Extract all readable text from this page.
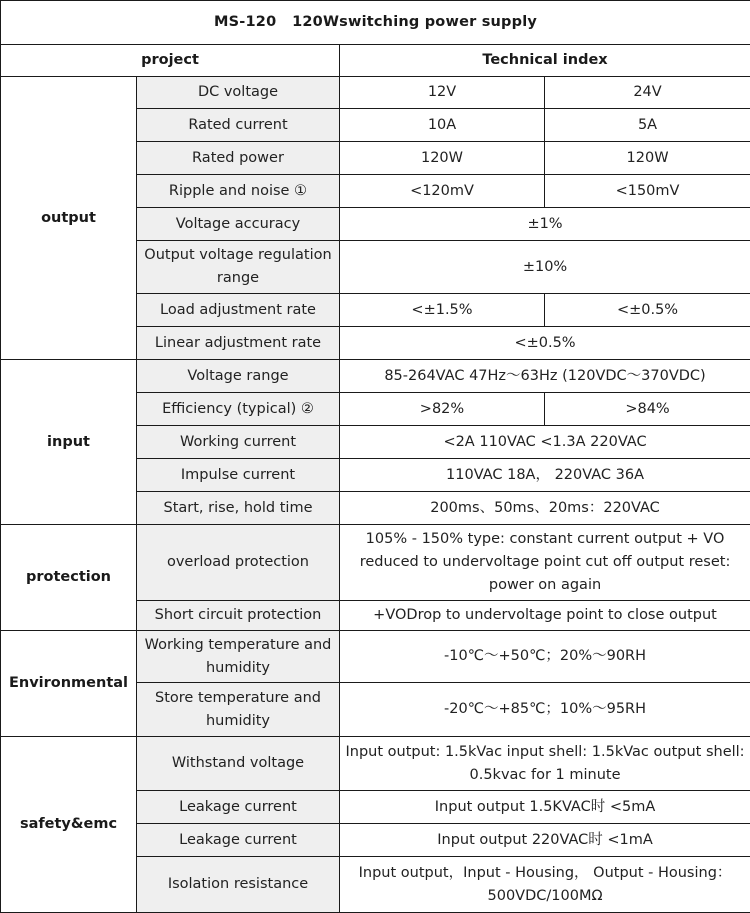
MS-120   120Wswitching power supply			
project		Technical index	
output	DC voltage	12V	24V
	Rated current	10A	5A
	Rated power	120W	120W
	Ripple and noise ①	<120mV	<150mV
	Voltage accuracy	±1%	
	Output voltage regulation range	±10%	
	Load adjustment rate	<±1.5%	<±0.5%
	Linear adjustment rate	<±0.5%	
input	Voltage range	85-264VAC 47Hz～63Hz (120VDC～370VDC)	
	Efficiency (typical) ②	>82%	>84%
	Working current	<2A 110VAC <1.3A 220VAC	
	Impulse current	110VAC 18A， 220VAC 36A	
	Start, rise, hold time	200ms、50ms、20ms：220VAC	
protection	overload protection	105% - 150% type: constant current output + VO reduced to undervoltage point cut off output reset: power on again	
	Short circuit protection	+VODrop to undervoltage point to close output	
Environmental	Working temperature and humidity	-10℃～+50℃；20%～90RH	
	Store temperature and humidity	-20℃～+85℃；10%～95RH	
safety&emc	Withstand voltage	Input output: 1.5kVac input shell: 1.5kVac output shell: 0.5kvac for 1 minute	
	Leakage current	Input output 1.5KVAC时 <5mA	
	Leakage current	Input output 220VAC时 <1mA	
	Isolation resistance	Input output，Input - Housing， Output - Housing：500VDC/100MΩ	
